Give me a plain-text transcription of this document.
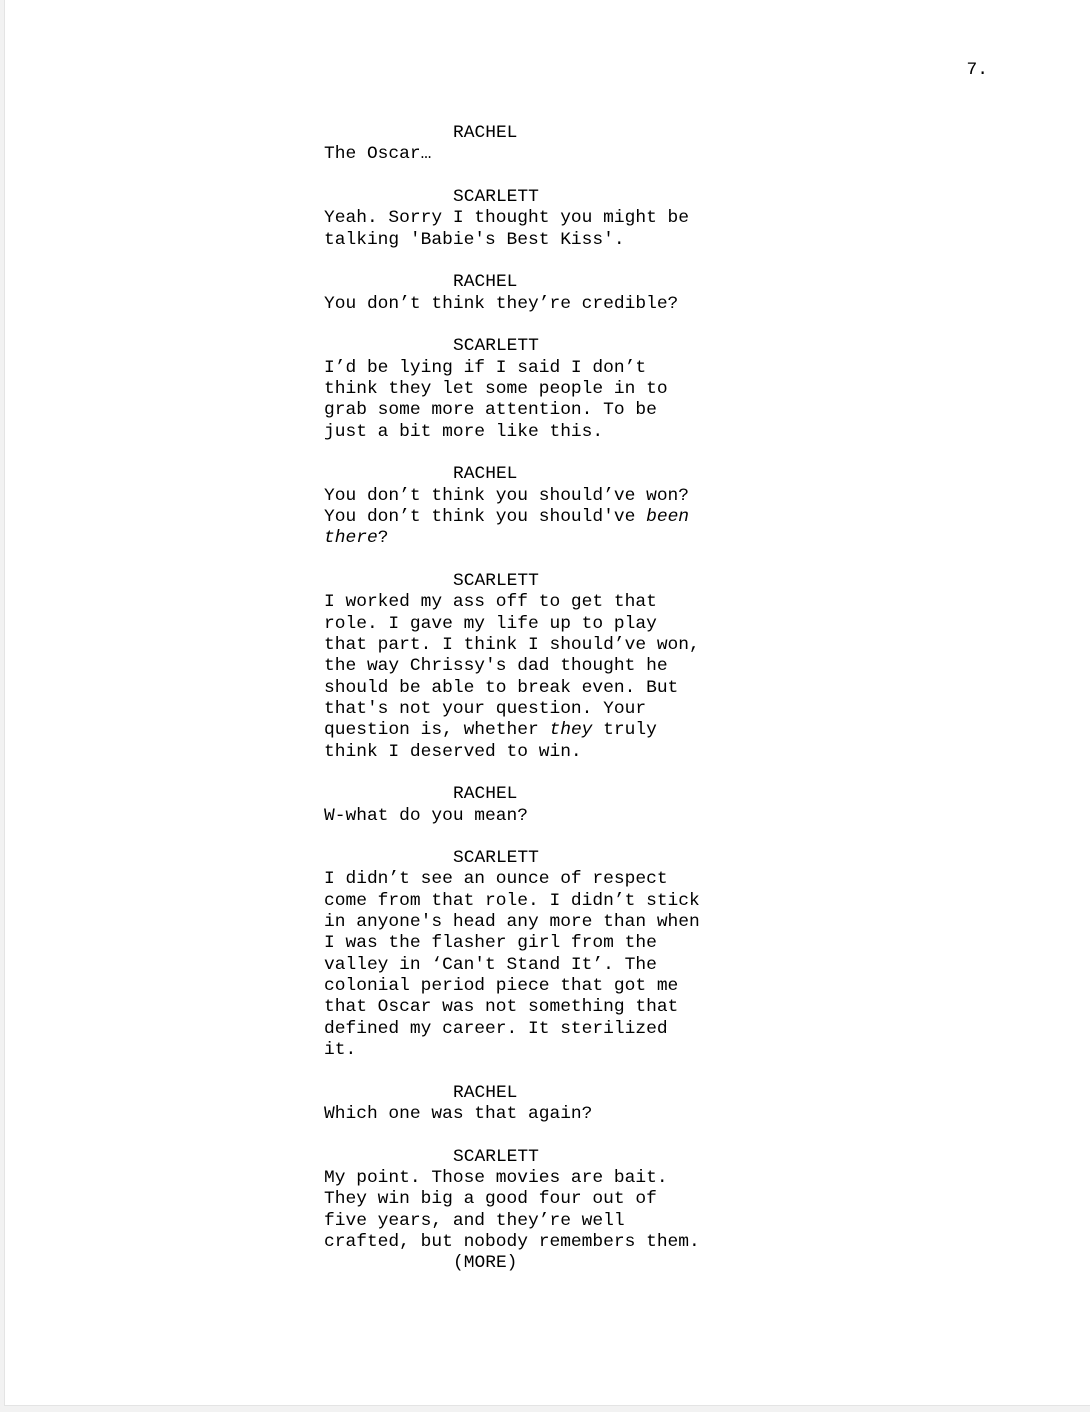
7.
RACHEL
The Oscar…
SCARLETT
Yeah. Sorry I thought you might be
talking 'Babie's Best Kiss'.
RACHEL
You don’t think they’re credible?
SCARLETT
I’d be lying if I said I don’t
think they let some people in to
grab some more attention. To be
just a bit more like this.
RACHEL
You don’t think you should’ve won?
You don’t think you should've been
there?
SCARLETT
I worked my ass off to get that
role. I gave my life up to play
that part. I think I should’ve won,
the way Chrissy's dad thought he
should be able to break even. But
that's not your question. Your
question is, whether they truly
think I deserved to win.
RACHEL
W-what do you mean?
SCARLETT
I didn’t see an ounce of respect
come from that role. I didn’t stick
in anyone's head any more than when
I was the flasher girl from the
valley in ‘Can't Stand It’. The
colonial period piece that got me
that Oscar was not something that
defined my career. It sterilized
it.
RACHEL
Which one was that again?
SCARLETT
My point. Those movies are bait.
They win big a good four out of
five years, and they’re well
crafted, but nobody remembers them.
(MORE)
